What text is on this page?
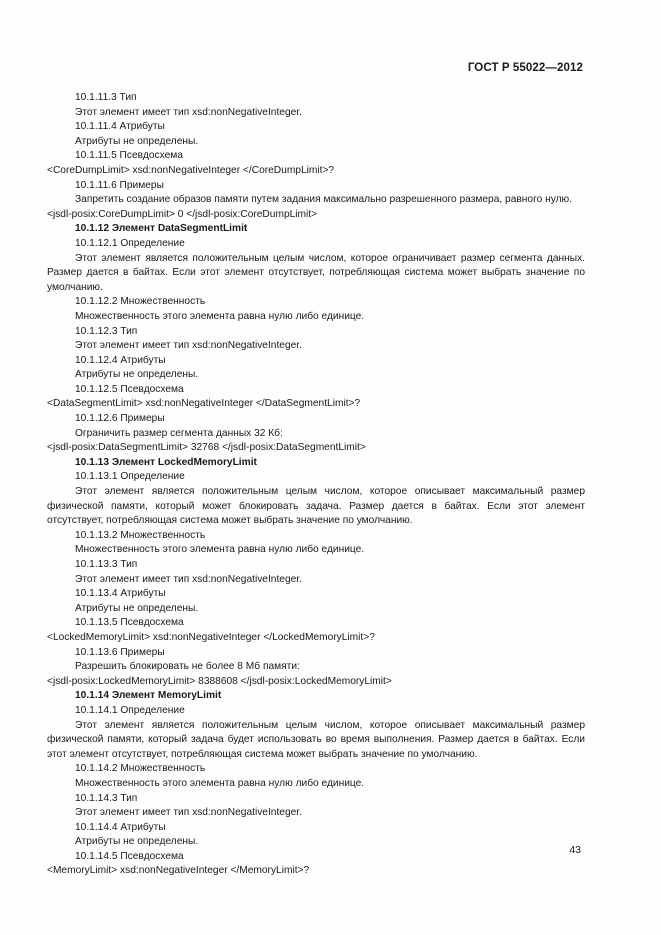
ГОСТ Р 55022—2012
10.1.11.3 Тип
Этот элемент имеет тип xsd:nonNegativeInteger.
10.1.11.4 Атрибуты
Атрибуты не определены.
10.1.11.5 Псевдосхема
<CoreDumpLimit> xsd:nonNegativeInteger </CoreDumpLimit>?
10.1.11.6 Примеры
Запретить создание образов памяти путем задания максимально разрешенного размера, равного нулю.
<jsdl-posix:CoreDumpLimit> 0 </jsdl-posix:CoreDumpLimit>
10.1.12 Элемент DataSegmentLimit
10.1.12.1 Определение
Этот элемент является положительным целым числом, которое ограничивает размер сегмента данных. Размер дается в байтах. Если этот элемент отсутствует, потребляющая система может выбрать значение по умолчанию.
10.1.12.2 Множественность
Множественность этого элемента равна нулю либо единице.
10.1.12.3 Тип
Этот элемент имеет тип xsd:nonNegativeInteger.
10.1.12.4 Атрибуты
Атрибуты не определены.
10.1.12.5 Псевдосхема
<DataSegmentLimit> xsd:nonNegativeInteger </DataSegmentLimit>?
10.1.12.6 Примеры
Ограничить размер сегмента данных 32 Кб:
<jsdl-posix:DataSegmentLimit> 32768 </jsdl-posix:DataSegmentLimit>
10.1.13 Элемент LockedMemoryLimit
10.1.13.1 Определение
Этот элемент является положительным целым числом, которое описывает максимальный размер физической памяти, который может блокировать задача. Размер дается в байтах. Если этот элемент отсутствует, потребляющая система может выбрать значение по умолчанию.
10.1.13.2 Множественность
Множественность этого элемента равна нулю либо единице.
10.1.13.3 Тип
Этот элемент имеет тип xsd:nonNegativeInteger.
10.1.13.4 Атрибуты
Атрибуты не определены.
10.1.13.5 Псевдосхема
<LockedMemoryLimit> xsd:nonNegativeInteger </LockedMemoryLimit>?
10.1.13.6 Примеры
Разрешить блокировать не более 8 Мб памяти:
<jsdl-posix:LockedMemoryLimit> 8388608 </jsdl-posix:LockedMemoryLimit>
10.1.14 Элемент MemoryLimit
10.1.14.1 Определение
Этот элемент является положительным целым числом, которое описывает максимальный размер физической памяти, который задача будет использовать во время выполнения. Размер дается в байтах. Если этот элемент отсутствует, потребляющая система может выбрать значение по умолчанию.
10.1.14.2 Множественность
Множественность этого элемента равна нулю либо единице.
10.1.14.3 Тип
Этот элемент имеет тип xsd:nonNegativeInteger.
10.1.14.4 Атрибуты
Атрибуты не определены.
10.1.14.5 Псевдосхема
<MemoryLimit> xsd:nonNegativeInteger </MemoryLimit>?
43
